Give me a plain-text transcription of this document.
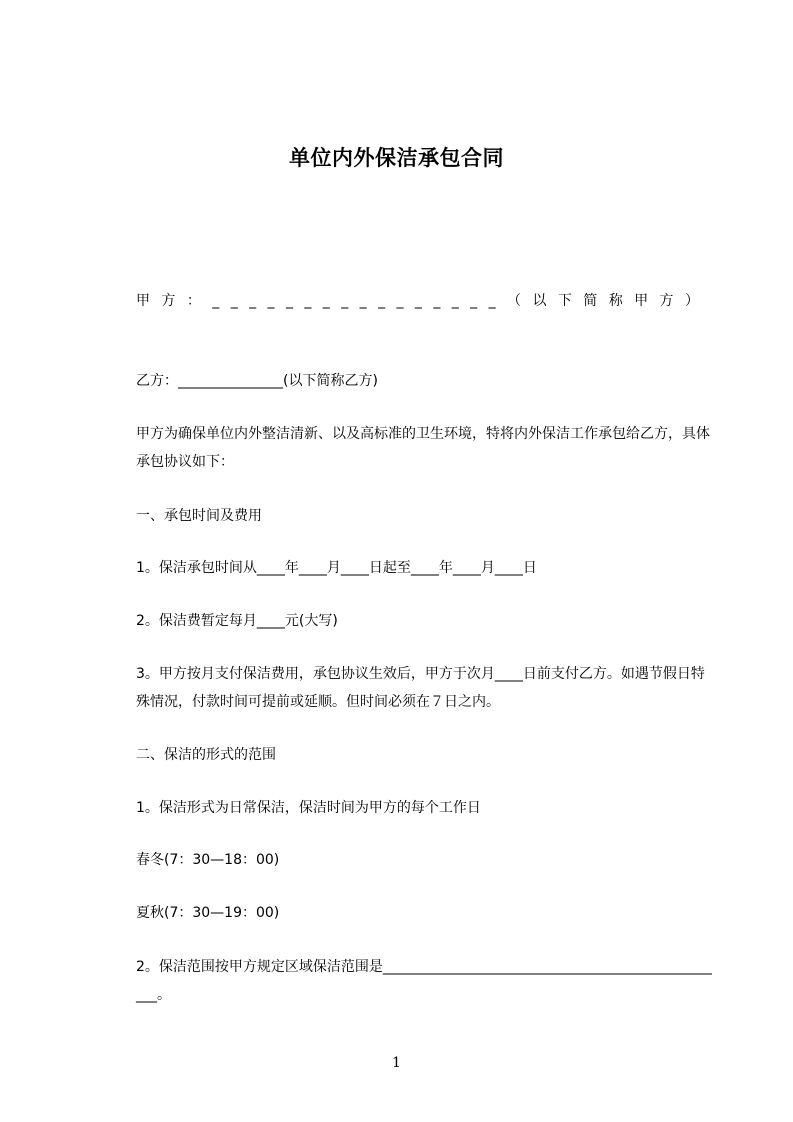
单位内外保洁承包合同
甲 方 ： _ _ _ _ _ _ _ _ _ _ _ _ _ _ _ _ （ 以 下 简 称 甲 方 ）
乙方：_______________(以下简称乙方)
甲方为确保单位内外整洁清新、以及高标准的卫生环境，特将内外保洁工作承包给乙方，具体承包协议如下：
一、承包时间及费用
1。保洁承包时间从____年____月____日起至____年____月____日
2。保洁费暂定每月____元(大写)
3。甲方按月支付保洁费用，承包协议生效后，甲方于次月____日前支付乙方。如遇节假日特殊情况，付款时间可提前或延顺。但时间必须在７日之内。
二、保洁的形式的范围
1。保洁形式为日常保洁，保洁时间为甲方的每个工作日
春冬(7：30—18：00)
夏秋(7：30—19：00)
2。保洁范围按甲方规定区域保洁范围是__________________________________________________。
1
